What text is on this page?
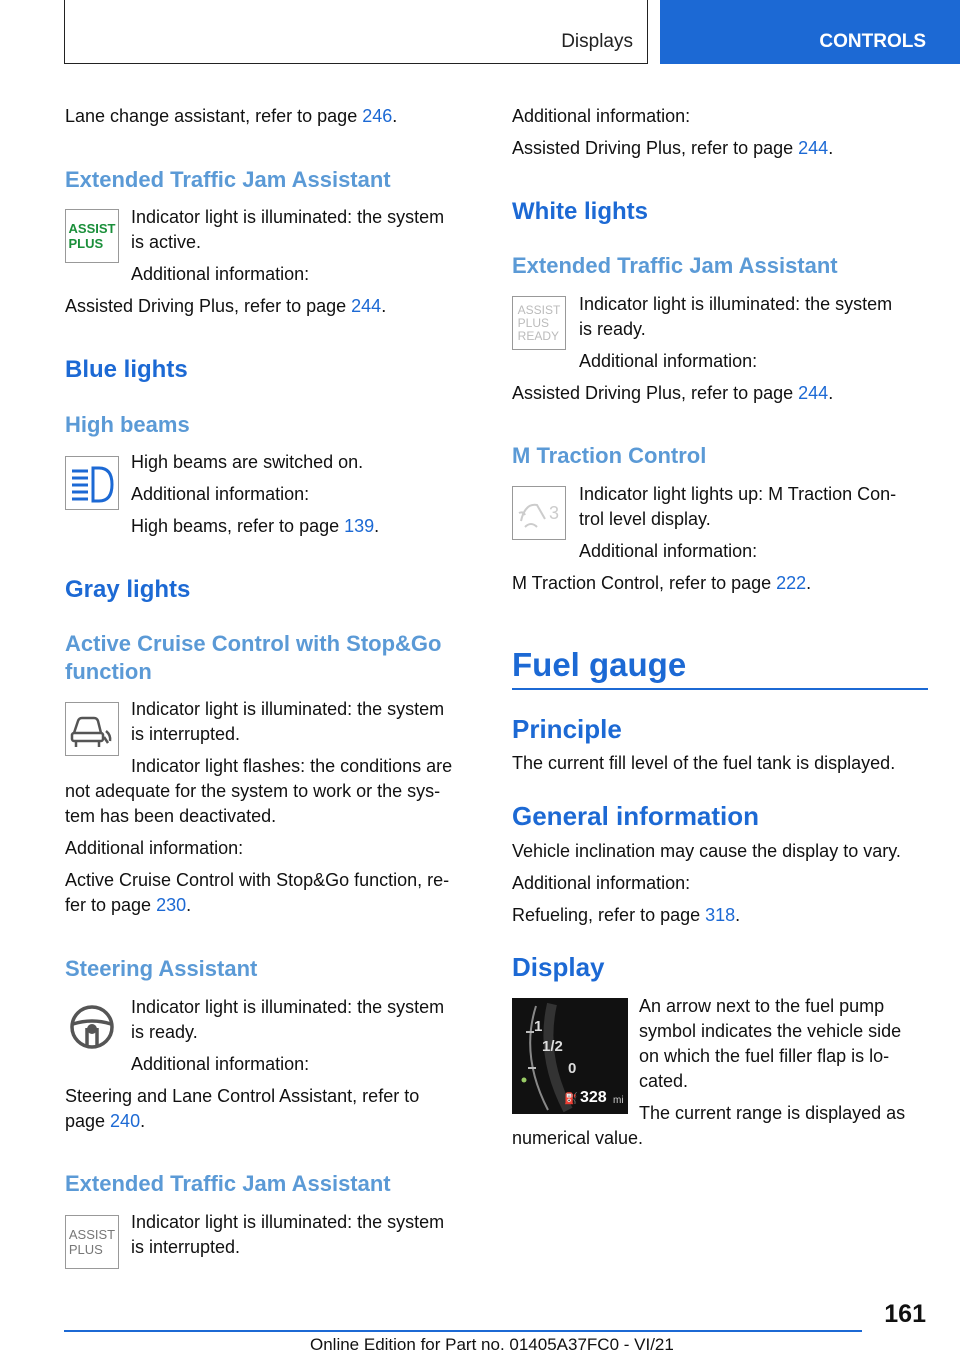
Displays	CONTROLS
Lane change assistant, refer to page 246.
Extended Traffic Jam Assistant
ASSIST
PLUS
Indicator light is illuminated: the system
is active.
Additional information:
Assisted Driving Plus, refer to page 244.
Blue lights
High beams
High beams are switched on.
Additional information:
High beams, refer to page 139.
Gray lights
Active Cruise Control with Stop&Go
function
Indicator light is illuminated: the system
is interrupted.
Indicator light flashes: the conditions are
not adequate for the system to work or the sys-
tem has been deactivated.
Additional information:
Active Cruise Control with Stop&Go function, re-
fer to page 230.
Steering Assistant
Indicator light is illuminated: the system
is ready.
Additional information:
Steering and Lane Control Assistant, refer to
page 240.
Extended Traffic Jam Assistant
ASSIST
PLUS
Indicator light is illuminated: the system
is interrupted.
Additional information:
Assisted Driving Plus, refer to page 244.
White lights
Extended Traffic Jam Assistant
ASSIST
PLUS
READY
Indicator light is illuminated: the system
is ready.
Additional information:
Assisted Driving Plus, refer to page 244.
M Traction Control
3
Indicator light lights up: M Traction Con-
trol level display.
Additional information:
M Traction Control, refer to page 222.
Fuel gauge
Principle
The current fill level of the fuel tank is displayed.
General information
Vehicle inclination may cause the display to vary.
Additional information:
Refueling, refer to page 318.
Display
1
1/2
0
⛽ 328 mi
An arrow next to the fuel pump
symbol indicates the vehicle side
on which the fuel filler flap is lo-
cated.
The current range is displayed as
numerical value.
161
Online Edition for Part no. 01405A37FC0 - VI/21
